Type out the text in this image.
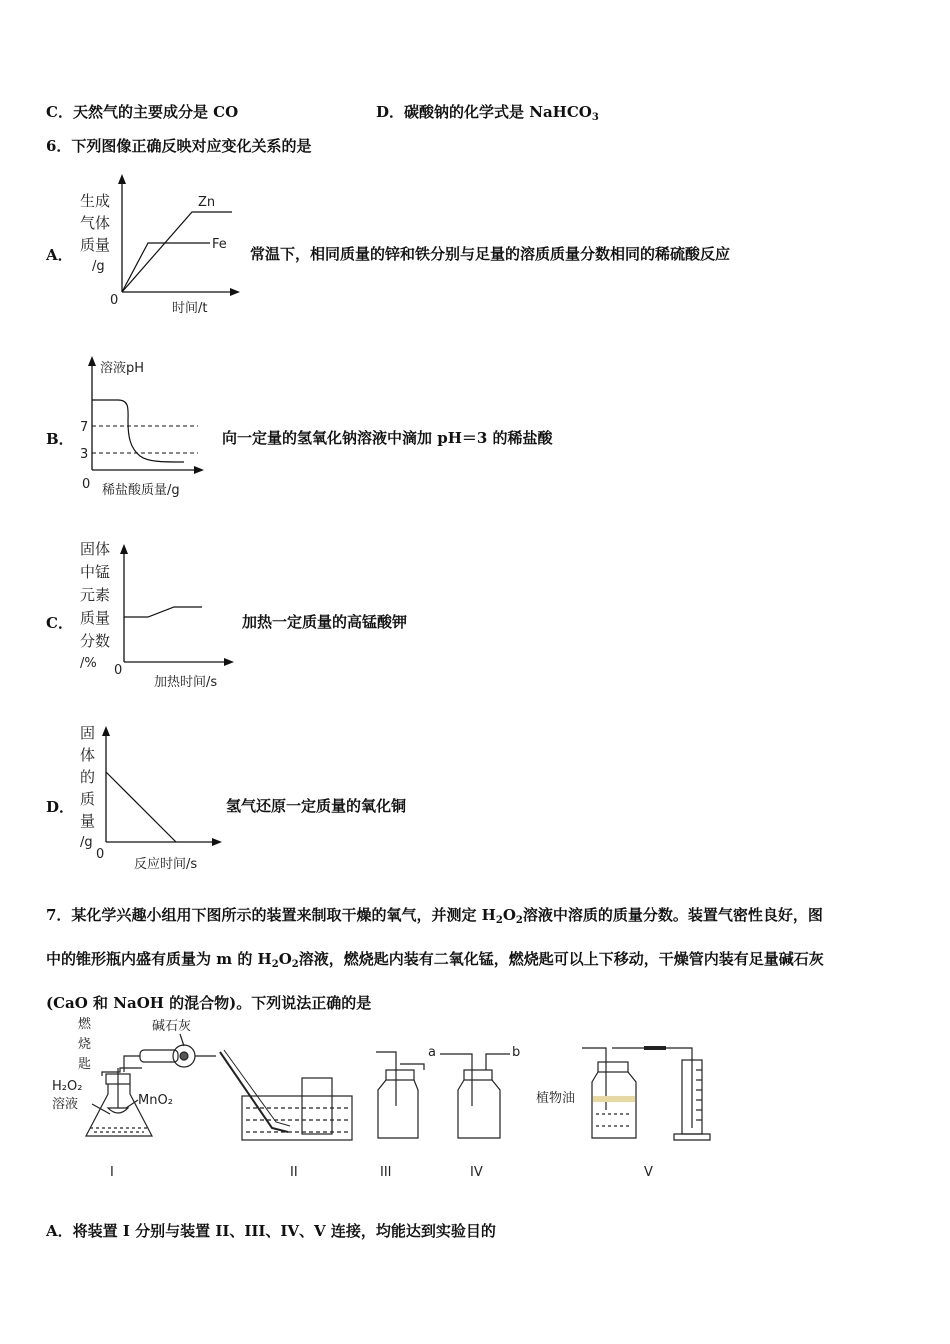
C．天然气的主要成分是 CO	D．碳酸钠的化学式是 NaHCO$_3$
6．下列图像正确反映对应变化关系的是
A．
生成
气体
质量
/g
Zn
Fe
0
时间/t
常温下，相同质量的锌和铁分别与足量的溶质质量分数相同的稀硫酸反应
B．
溶液pH
7
3
0 稀盐酸质量/g
向一定量的氢氧化钠溶液中滴加 pH＝3 的稀盐酸
C．
固体
中锰
元素
质量
分数
/% 0
加热时间/s
加热一定质量的高锰酸钾
D．
固
体
的
质
量
/g
0
反应时间/s
氢气还原一定质量的氧化铜
7．某化学兴趣小组用下图所示的装置来制取干燥的氧气，并测定 $H_2O_2$溶液中溶质的质量分数。装置气密性良好，图
中的锥形瓶内盛有质量为 m 的 $H_2O_2$溶液，燃烧匙内装有二氧化锰，燃烧匙可以上下移动，干燥管内装有足量碱石灰
(CaO 和 NaOH 的混合物)。下列说法正确的是
燃
烧
匙
H₂O₂
溶液	MnO₂
碱石灰
a	b
植物油
I	II	III	IV	V
A．将装置 I 分别与装置 II、III、IV、V 连接，均能达到实验目的
